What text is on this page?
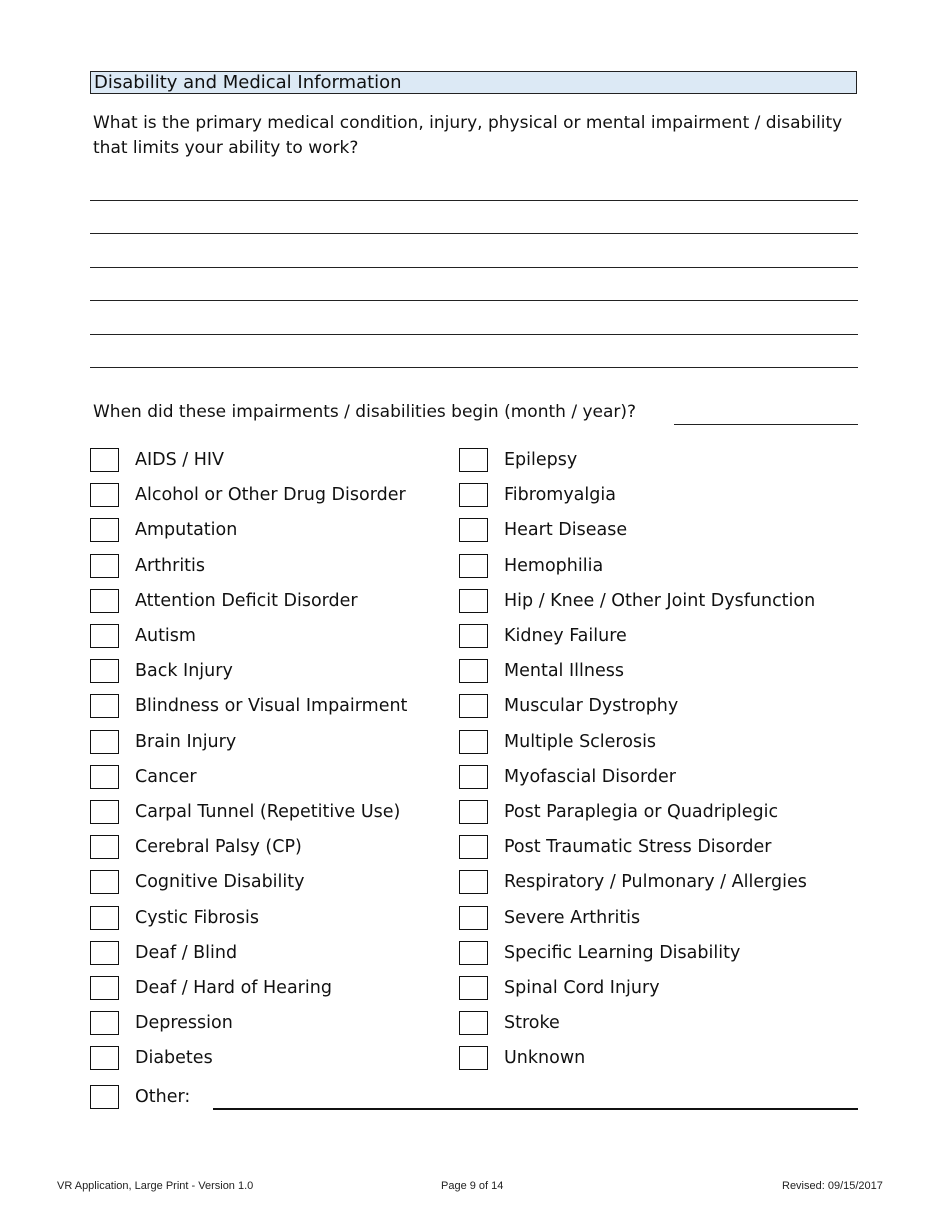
Disability and Medical Information
What is the primary medical condition, injury, physical or mental impairment / disability that limits your ability to work?
When did these impairments / disabilities begin (month / year)?
AIDS / HIV
Alcohol or Other Drug Disorder
Amputation
Arthritis
Attention Deficit Disorder
Autism
Back Injury
Blindness or Visual Impairment
Brain Injury
Cancer
Carpal Tunnel (Repetitive Use)
Cerebral Palsy (CP)
Cognitive Disability
Cystic Fibrosis
Deaf / Blind
Deaf / Hard of Hearing
Depression
Diabetes
Epilepsy
Fibromyalgia
Heart Disease
Hemophilia
Hip / Knee / Other Joint Dysfunction
Kidney Failure
Mental Illness
Muscular Dystrophy
Multiple Sclerosis
Myofascial Disorder
Post Paraplegia or Quadriplegic
Post Traumatic Stress Disorder
Respiratory / Pulmonary / Allergies
Severe Arthritis
Specific Learning Disability
Spinal Cord Injury
Stroke
Unknown
Other:
VR Application, Large Print - Version 1.0	Page 9 of 14	Revised: 09/15/2017
